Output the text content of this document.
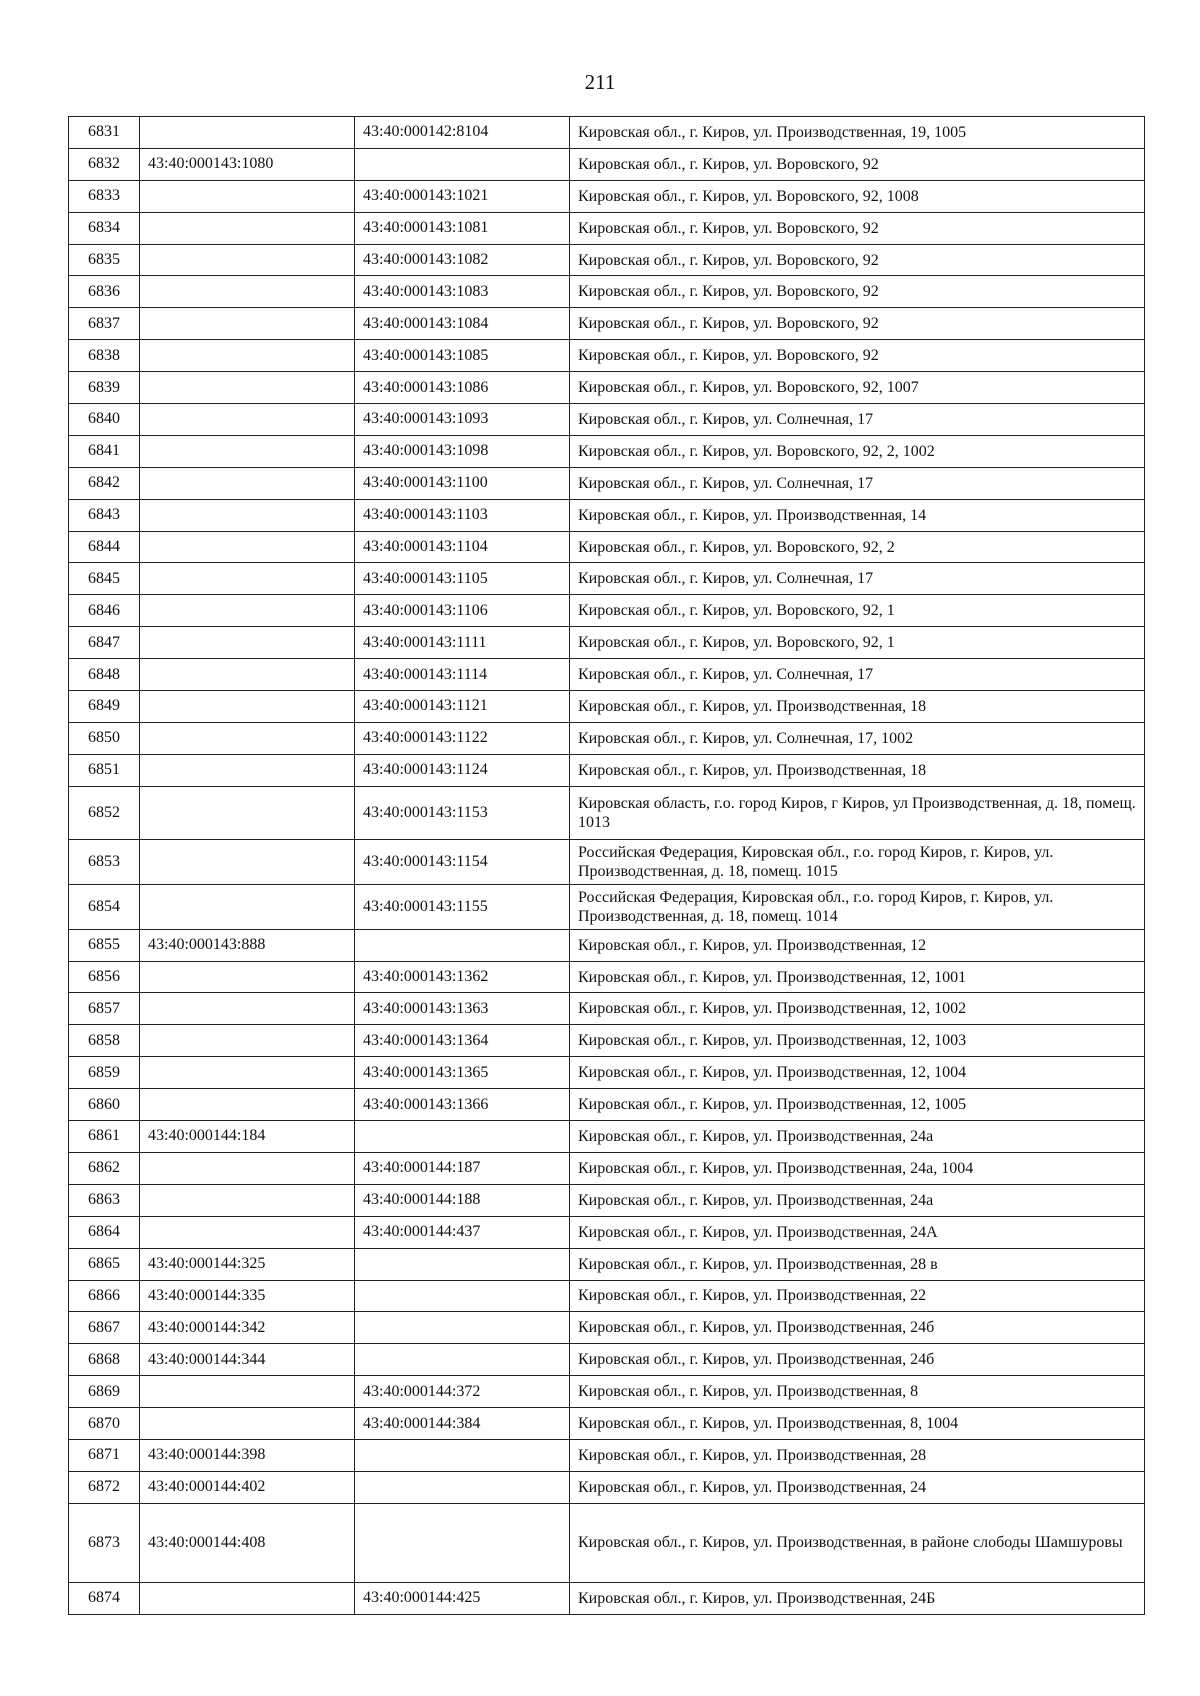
211
6831		43:40:000142:8104	Кировская обл., г. Киров, ул. Производственная, 19, 1005
6832	43:40:000143:1080		Кировская обл., г. Киров, ул. Воровского, 92
6833		43:40:000143:1021	Кировская обл., г. Киров, ул. Воровского, 92, 1008
6834		43:40:000143:1081	Кировская обл., г. Киров, ул. Воровского, 92
6835		43:40:000143:1082	Кировская обл., г. Киров, ул. Воровского, 92
6836		43:40:000143:1083	Кировская обл., г. Киров, ул. Воровского, 92
6837		43:40:000143:1084	Кировская обл., г. Киров, ул. Воровского, 92
6838		43:40:000143:1085	Кировская обл., г. Киров, ул. Воровского, 92
6839		43:40:000143:1086	Кировская обл., г. Киров, ул. Воровского, 92, 1007
6840		43:40:000143:1093	Кировская обл., г. Киров, ул. Солнечная, 17
6841		43:40:000143:1098	Кировская обл., г. Киров, ул. Воровского, 92, 2, 1002
6842		43:40:000143:1100	Кировская обл., г. Киров, ул. Солнечная, 17
6843		43:40:000143:1103	Кировская обл., г. Киров, ул. Производственная, 14
6844		43:40:000143:1104	Кировская обл., г. Киров, ул. Воровского, 92, 2
6845		43:40:000143:1105	Кировская обл., г. Киров, ул. Солнечная, 17
6846		43:40:000143:1106	Кировская обл., г. Киров, ул. Воровского, 92, 1
6847		43:40:000143:1111	Кировская обл., г. Киров, ул. Воровского, 92, 1
6848		43:40:000143:1114	Кировская обл., г. Киров, ул. Солнечная, 17
6849		43:40:000143:1121	Кировская обл., г. Киров, ул. Производственная, 18
6850		43:40:000143:1122	Кировская обл., г. Киров, ул. Солнечная, 17, 1002
6851		43:40:000143:1124	Кировская обл., г. Киров, ул. Производственная, 18
6852		43:40:000143:1153	Кировская область, г.о. город Киров, г Киров, ул Производственная, д. 18, помещ. 1013
6853		43:40:000143:1154	Российская Федерация, Кировская обл., г.о. город Киров, г. Киров, ул. Производственная, д. 18, помещ. 1015
6854		43:40:000143:1155	Российская Федерация, Кировская обл., г.о. город Киров, г. Киров, ул. Производственная, д. 18, помещ. 1014
6855	43:40:000143:888		Кировская обл., г. Киров, ул. Производственная, 12
6856		43:40:000143:1362	Кировская обл., г. Киров, ул. Производственная, 12, 1001
6857		43:40:000143:1363	Кировская обл., г. Киров, ул. Производственная, 12, 1002
6858		43:40:000143:1364	Кировская обл., г. Киров, ул. Производственная, 12, 1003
6859		43:40:000143:1365	Кировская обл., г. Киров, ул. Производственная, 12, 1004
6860		43:40:000143:1366	Кировская обл., г. Киров, ул. Производственная, 12, 1005
6861	43:40:000144:184		Кировская обл., г. Киров, ул. Производственная, 24а
6862		43:40:000144:187	Кировская обл., г. Киров, ул. Производственная, 24а, 1004
6863		43:40:000144:188	Кировская обл., г. Киров, ул. Производственная, 24а
6864		43:40:000144:437	Кировская обл., г. Киров, ул. Производственная, 24А
6865	43:40:000144:325		Кировская обл., г. Киров, ул. Производственная, 28 в
6866	43:40:000144:335		Кировская обл., г. Киров, ул. Производственная, 22
6867	43:40:000144:342		Кировская обл., г. Киров, ул. Производственная, 24б
6868	43:40:000144:344		Кировская обл., г. Киров, ул. Производственная, 24б
6869		43:40:000144:372	Кировская обл., г. Киров, ул. Производственная, 8
6870		43:40:000144:384	Кировская обл., г. Киров, ул. Производственная, 8, 1004
6871	43:40:000144:398		Кировская обл., г. Киров, ул. Производственная, 28
6872	43:40:000144:402		Кировская обл., г. Киров, ул. Производственная, 24
6873	43:40:000144:408		Кировская обл., г. Киров, ул. Производственная, в районе слободы Шамшуровы
6874		43:40:000144:425	Кировская обл., г. Киров, ул. Производственная, 24Б
